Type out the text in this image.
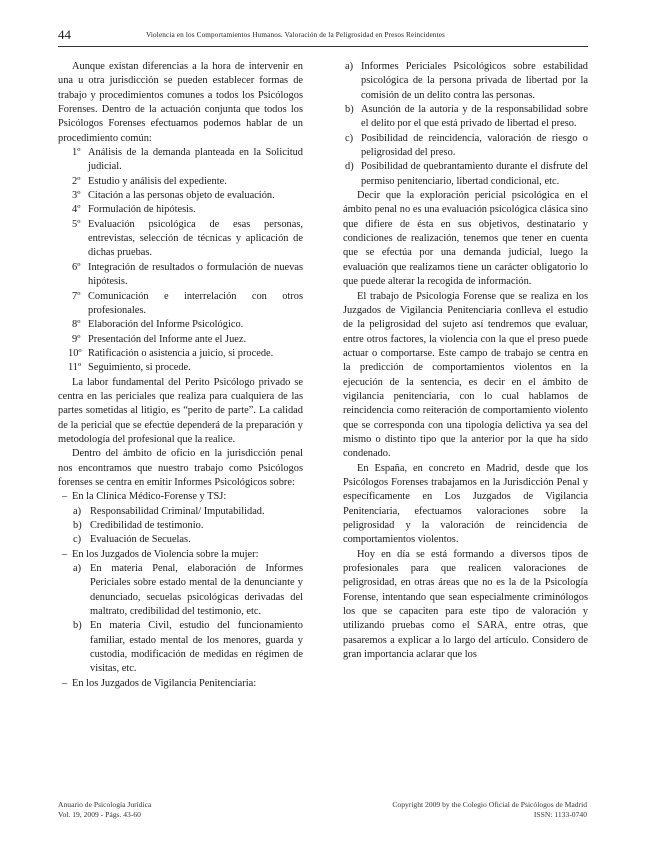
44	Violencia en los Comportamientos Humanos. Valoración de la Peligrosidad en Presos Reincidentes

Aunque existan diferencias a la hora de intervenir en una u otra jurisdicción se pueden establecer formas de trabajo y procedimientos comunes a todos los Psicólogos Forenses. Dentro de la actuación conjunta que todos los Psicólogos Forenses efectuamos podemos hablar de un procedimiento común:

1º Análisis de la demanda planteada en la Solicitud judicial.
2º Estudio y análisis del expediente.
3º Citación a las personas objeto de evaluación.
4º Formulación de hipótesis.
5º Evaluación psicológica de esas personas, entrevistas, selección de técnicas y aplicación de dichas pruebas.
6º Integración de resultados o formulación de nuevas hipótesis.
7º Comunicación e interrelación con otros profesionales.
8º Elaboración del Informe Psicológico.
9º Presentación del Informe ante el Juez.
10º Ratificación o asistencia a juicio, si procede.
11º Seguimiento, si procede.

La labor fundamental del Perito Psicólogo privado se centra en las periciales que realiza para cualquiera de las partes sometidas al litigio, es “perito de parte”. La calidad de la pericial que se efectúe dependerá de la preparación y metodología del profesional que la realice.

Dentro del ámbito de oficio en la jurisdicción penal nos encontramos que nuestro trabajo como Psicólogos forenses se centra en emitir Informes Psicológicos sobre:

– En la Clínica Médico-Forense y TSJ:
a) Responsabilidad Criminal/ Imputabilidad.
b) Credibilidad de testimonio.
c) Evaluación de Secuelas.
– En los Juzgados de Violencia sobre la mujer:
a) En materia Penal, elaboración de Informes Periciales sobre estado mental de la denunciante y denunciado, secuelas psicológicas derivadas del maltrato, credibilidad del testimonio, etc.
b) En materia Civil, estudio del funcionamiento familiar, estado mental de los menores, guarda y custodia, modificación de medidas en régimen de visitas, etc.
– En los Juzgados de Vigilancia Penitenciaria:
a) Informes Periciales Psicológicos sobre estabilidad psicológica de la persona privada de libertad por la comisión de un delito contra las personas.
b) Asunción de la autoría y de la responsabilidad sobre el delito por el que está privado de libertad el preso.
c) Posibilidad de reincidencia, valoración de riesgo o peligrosidad del preso.
d) Posibilidad de quebrantamiento durante el disfrute del permiso penitenciario, libertad condicional, etc.

Decir que la exploración pericial psicológica en el ámbito penal no es una evaluación psicológica clásica sino que difiere de ésta en sus objetivos, destinatario y condiciones de realización, tenemos que tener en cuenta que se efectúa por una demanda judicial, luego la evaluación que realizamos tiene un carácter obligatorio lo que puede alterar la recogida de información.

El trabajo de Psicología Forense que se realiza en los Juzgados de Vigilancia Penitenciaria conlleva el estudio de la peligrosidad del sujeto así tendremos que evaluar, entre otros factores, la violencia con la que el preso puede actuar o comportarse. Este campo de trabajo se centra en la predicción de comportamientos violentos en la ejecución de la sentencia, es decir en el ámbito de vigilancia penitenciaria, con lo cual hablamos de reincidencia como reiteración de comportamiento violento que se corresponda con una tipología delictiva ya sea del mismo o distinto tipo que la anterior por la que ha sido condenado.

En España, en concreto en Madrid, desde que los Psicólogos Forenses trabajamos en la Jurisdicción Penal y específicamente en Los Juzgados de Vigilancia Penitenciaria, efectuamos valoraciones sobre la peligrosidad y la valoración de reincidencia de comportamientos violentos.

Hoy en día se está formando a diversos tipos de profesionales para que realicen valoraciones de peligrosidad, en otras áreas que no es la de la Psicología Forense, intentando que sean especialmente criminólogos los que se capaciten para este tipo de valoración y utilizando pruebas como el SARA, entre otras, que pasaremos a explicar a lo largo del artículo. Considero de gran importancia aclarar que los

Anuario de Psicología Jurídica
Vol. 19, 2009 - Págs. 43-60
Copyright 2009 by the Colegio Oficial de Psicólogos de Madrid
ISSN: 1133-0740
